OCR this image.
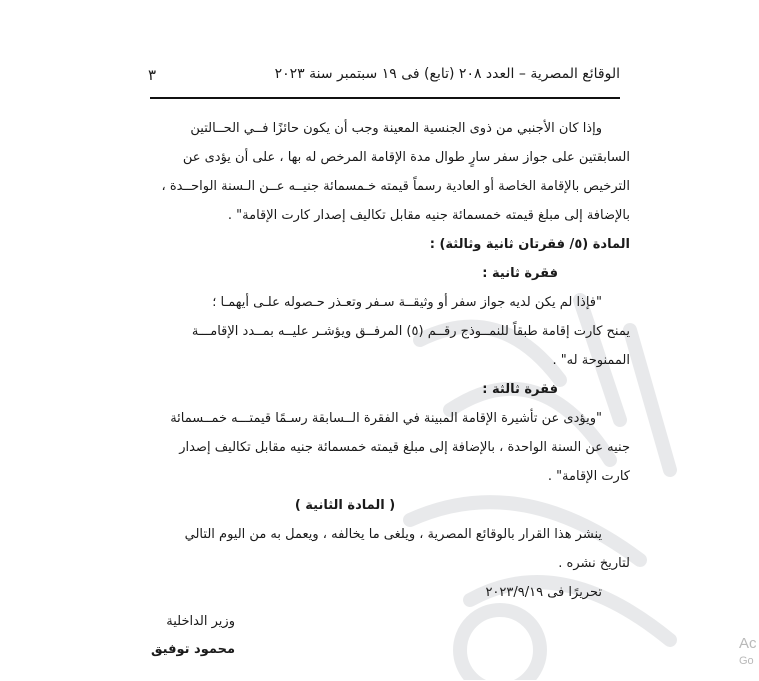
الوقائع المصرية – العدد ٢٠٨ (تابع) فى ١٩ سبتمبر سنة ٢٠٢٣
٣

وإذا كان الأجنبي من ذوى الجنسية المعينة وجب أن يكون حائزًا فــي الحــالتين

السابقتين على جواز سفر سارٍ طوال مدة الإقامة المرخص له بها ، على أن يؤدى عن

الترخيص بالإقامة الخاصة أو العادية رسماً قيمته خـمسمائة جنيــه عــن الـسنة الواحــدة ،

بالإضافة إلى مبلغ قيمته خمسمائة جنيه مقابل تكاليف إصدار كارت الإقامة" .

المادة (٥/ فقرتان ثانية وثالثة) :

فقرة ثانية :

"فإذا لم يكن لديه جواز سفر أو وثيقــة سـفر وتعـذر حـصوله علـى أيهمـا ؛

يمنح كارت إقامة طبقاً للنمــوذج رقــم (٥) المرفــق ويؤشـر عليــه بمــدد الإقامـــة

الممنوحة له" .

فقرة ثالثة :

"ويؤدى عن تأشيرة الإقامة المبينة في الفقرة الــسابقة رسـمًا قيمتـــه خمــسمائة

جنيه عن السنة الواحدة ، بالإضافة إلى مبلغ قيمته خمسمائة جنيه مقابل تكاليف إصدار

كارت الإقامة" .

( المادة الثانية )

ينشر هذا القرار بالوقائع المصرية ، ويلغى ما يخالفه ، ويعمل به من اليوم التالي

لتاريخ نشره .

تحريرًا فى ٢٠٢٣/٩/١٩

وزير الداخلية
محمود توفيق	Ac
Go
